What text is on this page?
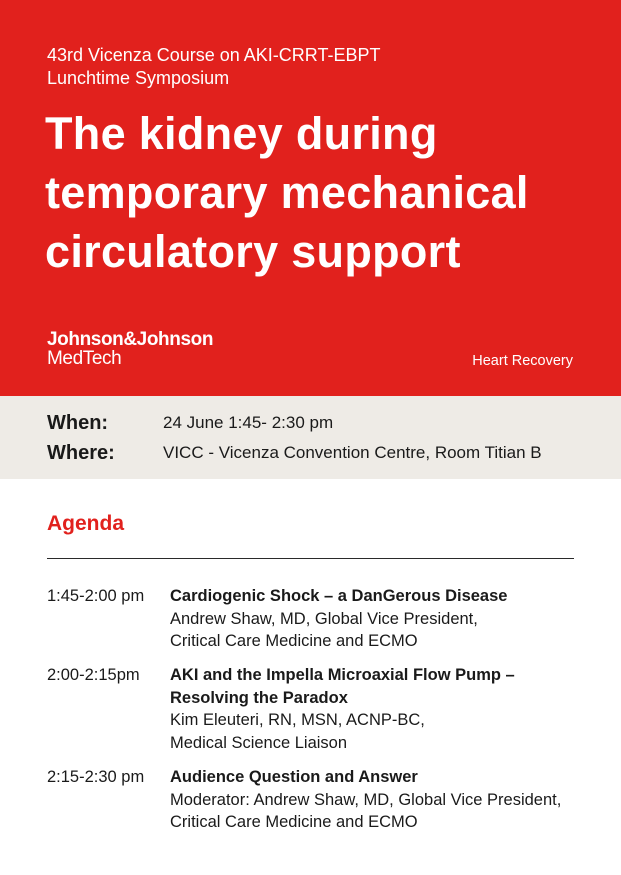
43rd Vicenza Course on AKI-CRRT-EBPT
Lunchtime Symposium
The kidney during
temporary mechanical
circulatory support
Johnson&Johnson
MedTech	Heart Recovery
When:	24 June 1:45- 2:30 pm
Where:	VICC - Vicenza Convention Centre, Room Titian B
Agenda
1:45-2:00 pm Cardiogenic Shock – a DanGerous Disease
Andrew Shaw, MD, Global Vice President,
Critical Care Medicine and ECMO
2:00-2:15pm AKI and the Impella Microaxial Flow Pump –
Resolving the Paradox
Kim Eleuteri, RN, MSN, ACNP-BC,
Medical Science Liaison
2:15-2:30 pm Audience Question and Answer
Moderator: Andrew Shaw, MD, Global Vice President,
Critical Care Medicine and ECMO
